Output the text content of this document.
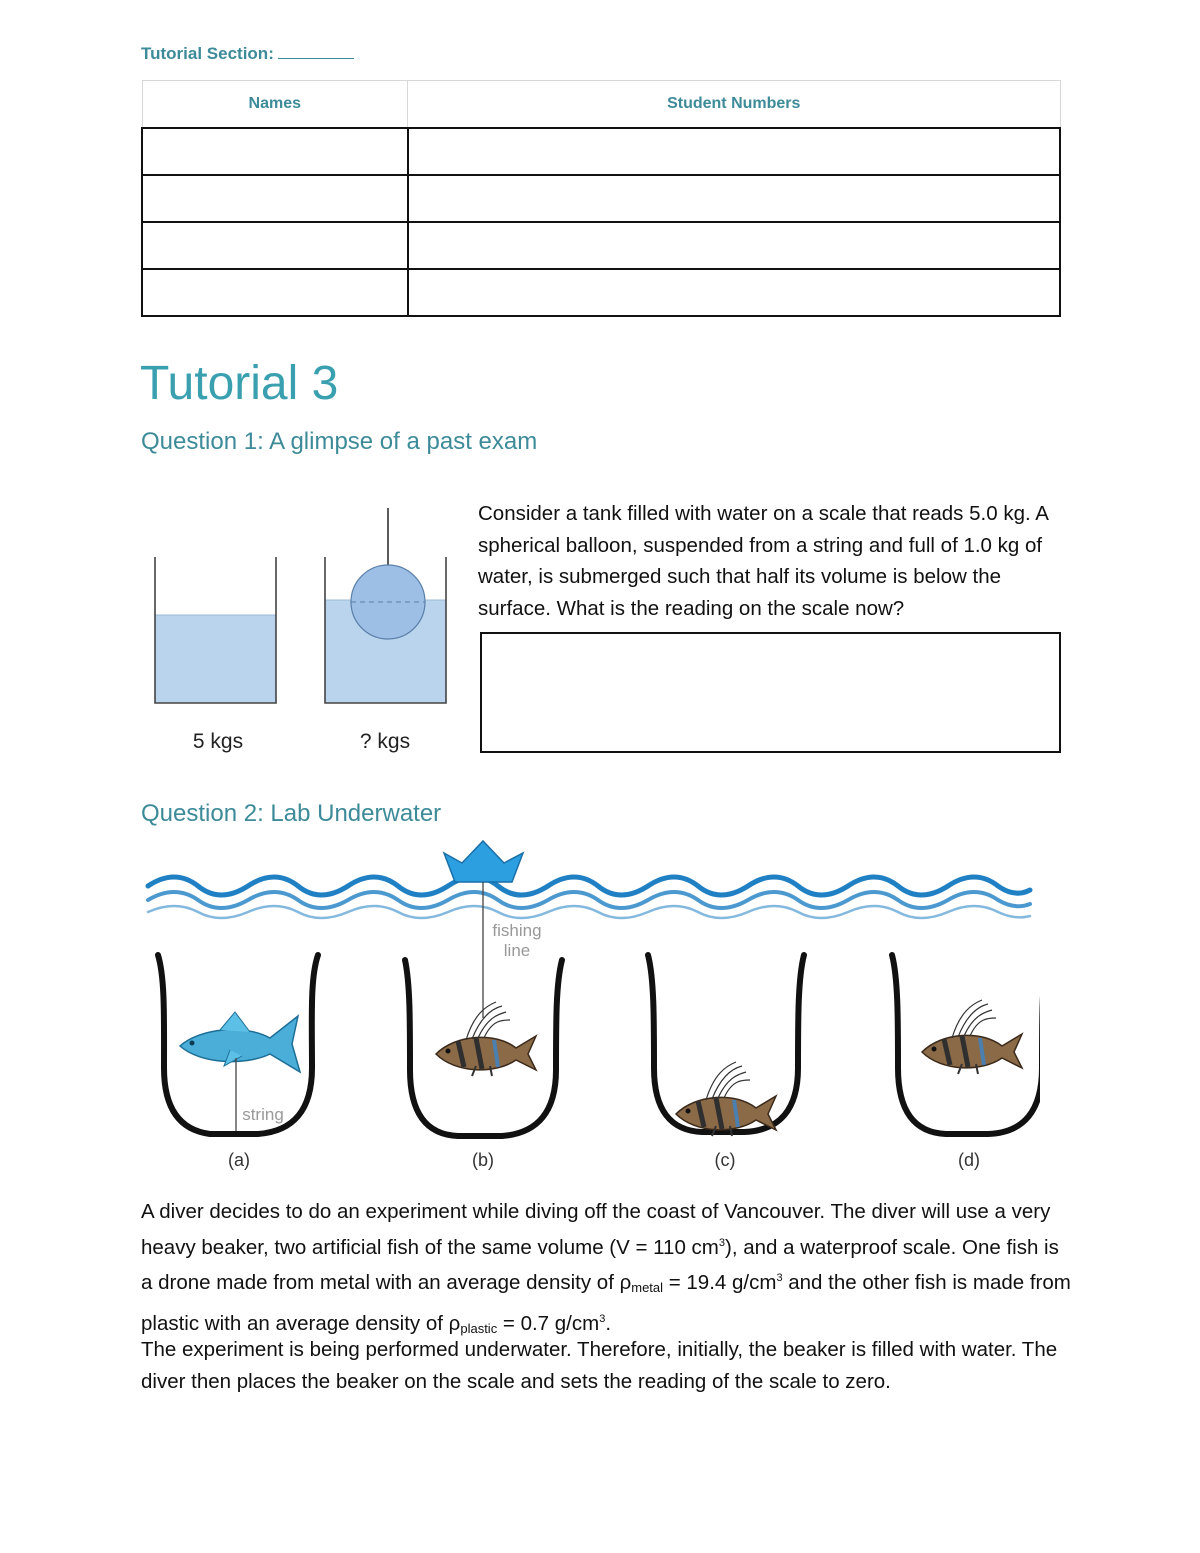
Tutorial Section:
Names	Student Numbers

Tutorial 3
Question 1: A glimpse of a past exam
5 kgs	? kgs

Consider a tank filled with water on a scale that reads 5.0 kg. A spherical balloon, suspended from a string and full of 1.0 kg of water, is submerged such that half its volume is below the surface. What is the reading on the scale now?

Question 2: Lab Underwater
fishing
line
string
(a)	(b)	(c)	(d)

A diver decides to do an experiment while diving off the coast of Vancouver. The diver will use a very heavy beaker, two artificial fish of the same volume (V = 110 $cm^3$), and a waterproof scale. One fish is a drone made from metal with an average density of $\rho_{metal} = 19.4$ $g/cm^3$ and the other fish is made from plastic with an average density of $\rho_{plastic} = 0.7$ $g/cm^3$.

The experiment is being performed underwater. Therefore, initially, the beaker is filled with water. The diver then places the beaker on the scale and sets the reading of the scale to zero.
